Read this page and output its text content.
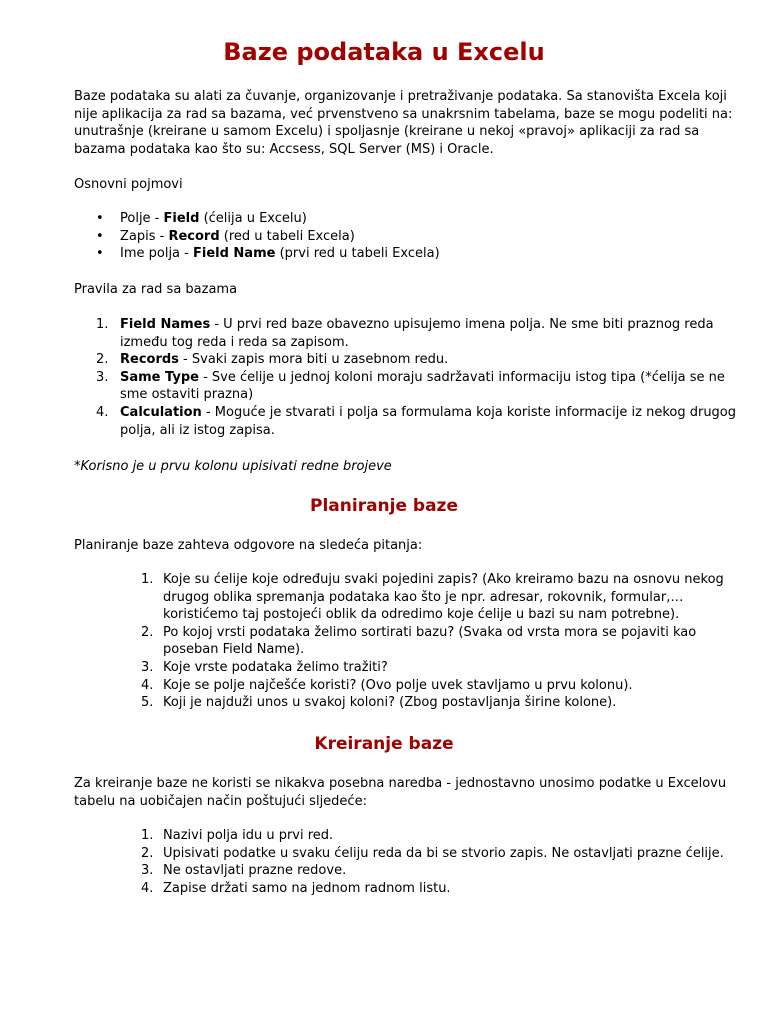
Baze podataka u Excelu

Baze podataka su alati za čuvanje, organizovanje i pretraživanje podataka. Sa stanovišta Excela koji nije aplikacija za rad sa bazama, već prvenstveno sa unakrsnim tabelama, baze se mogu podeliti na: unutrašnje (kreirane u samom Excelu) i spoljasnje (kreirane u nekoj «pravoj» aplikaciji za rad sa bazama podataka kao što su: Accsess, SQL Server (MS) i Oracle.

Osnovni pojmovi

• Polje - Field (ćelija u Excelu)
• Zapis - Record (red u tabeli Excela)
• Ime polja - Field Name (prvi red u tabeli Excela)

Pravila za rad sa bazama

1. Field Names - U prvi red baze obavezno upisujemo imena polja. Ne sme biti praznog reda između tog reda i reda sa zapisom.
2. Records - Svaki zapis mora biti u zasebnom redu.
3. Same Type - Sve ćelije u jednoj koloni moraju sadržavati informaciju istog tipa (*ćelija se ne sme ostaviti prazna)
4. Calculation - Moguće je stvarati i polja sa formulama koja koriste informacije iz nekog drugog polja, ali iz istog zapisa.

*Korisno je u prvu kolonu upisivati redne brojeve

Planiranje baze

Planiranje baze zahteva odgovore na sledeća pitanja:

1. Koje su ćelije koje određuju svaki pojedini zapis? (Ako kreiramo bazu na osnovu nekog drugog oblika spremanja podataka kao što je npr. adresar, rokovnik, formular,… koristićemo taj postojeći oblik da odredimo koje ćelije u bazi su nam potrebne).
2. Po kojoj vrsti podataka želimo sortirati bazu? (Svaka od vrsta mora se pojaviti kao poseban Field Name).
3. Koje vrste podataka želimo tražiti?
4. Koje se polje najčešće koristi? (Ovo polje uvek stavljamo u prvu kolonu).
5. Koji je najduži unos u svakoj koloni? (Zbog postavljanja širine kolone).
Kreiranje baze

Za kreiranje baze ne koristi se nikakva posebna naredba - jednostavno unosimo podatke u Excelovu tabelu na uobičajen način poštujući sljedeće:

1. Nazivi polja idu u prvi red.
2. Upisivati podatke u svaku ćeliju reda da bi se stvorio zapis. Ne ostavljati prazne ćelije.
3. Ne ostavljati prazne redove.
4. Zapise držati samo na jednom radnom listu.
